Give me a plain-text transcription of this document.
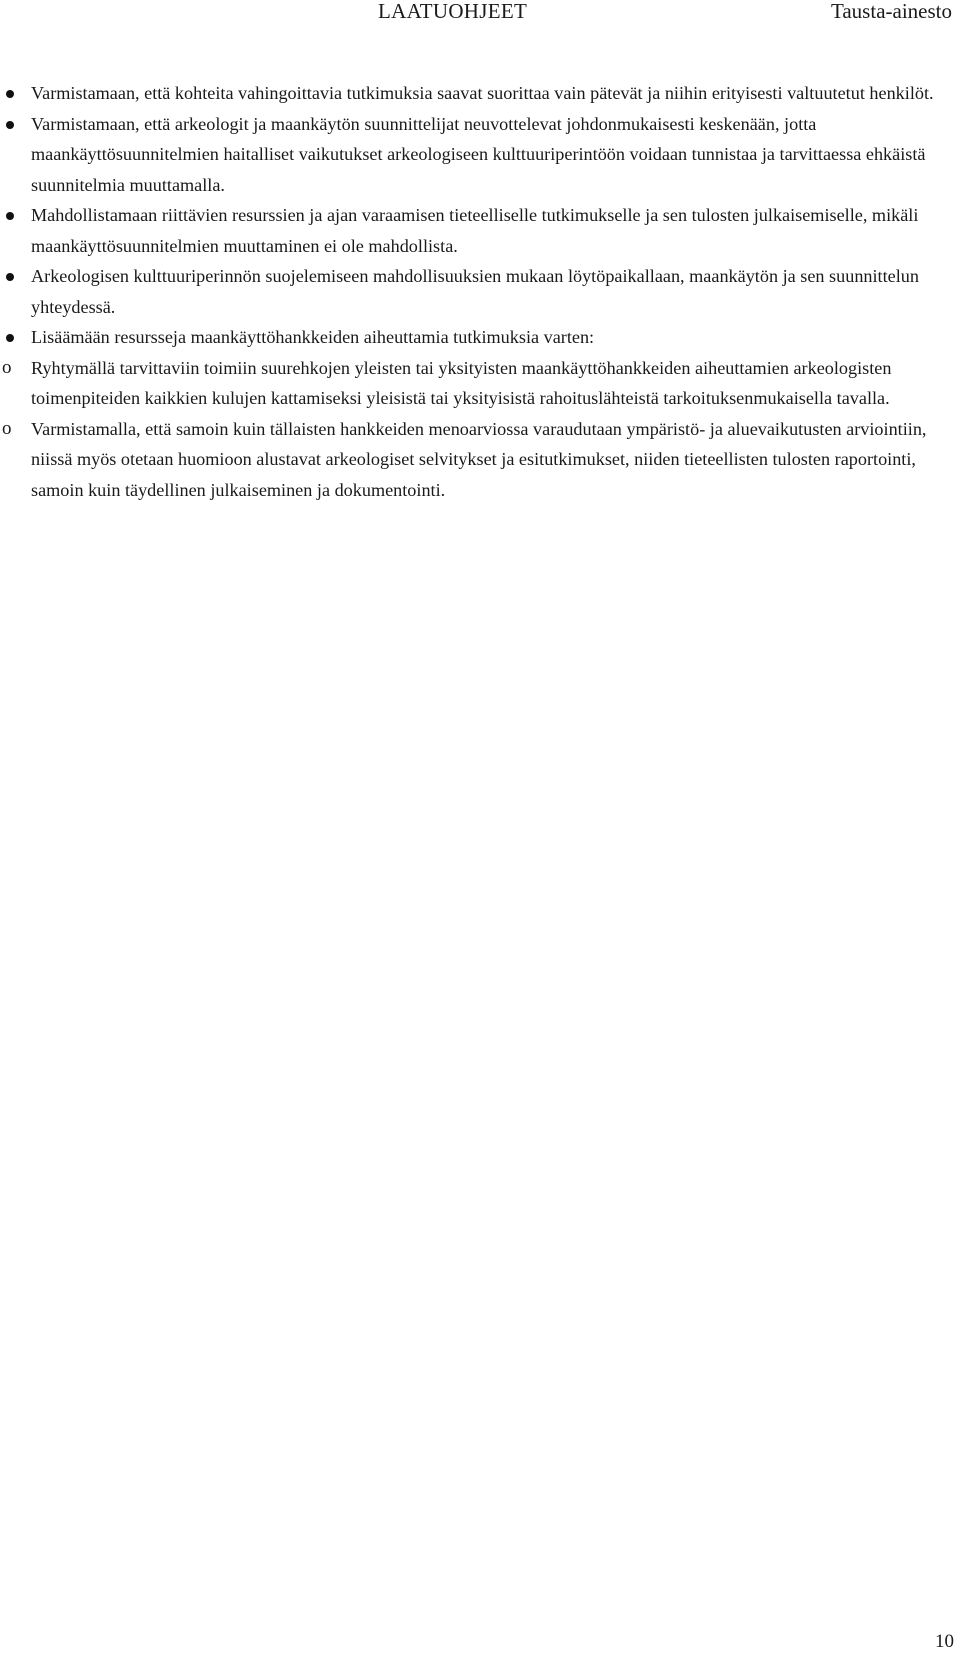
LAATUOHJEET	Tausta-ainesto

Varmistamaan, että kohteita vahingoittavia tutkimuksia saavat suorittaa vain pätevät ja niihin erityisesti valtuutetut henkilöt.

Varmistamaan, että arkeologit ja maankäytön suunnittelijat neuvottelevat johdonmukaisesti keskenään, jotta maankäyttösuunnitelmien haitalliset vaikutukset arkeologiseen kulttuuriperintöön voidaan tunnistaa ja tarvittaessa ehkäistä suunnitelmia muuttamalla.

Mahdollistamaan riittävien resurssien ja ajan varaamisen tieteelliselle tutkimukselle ja sen tulosten julkaisemiselle, mikäli maankäyttösuunnitelmien muuttaminen ei ole mahdollista.

Arkeologisen kulttuuriperinnön suojelemiseen mahdollisuuksien mukaan löytöpaikallaan, maankäytön ja sen suunnittelun yhteydessä.

Lisäämään resursseja maankäyttöhankkeiden aiheuttamia tutkimuksia varten:

o Ryhtymällä tarvittaviin toimiin suurehkojen yleisten tai yksityisten maankäyttöhankkeiden aiheuttamien arkeologisten toimenpiteiden kaikkien kulujen kattamiseksi yleisistä tai yksityisistä rahoituslähteistä tarkoituksenmukaisella tavalla.

o Varmistamalla, että samoin kuin tällaisten hankkeiden menoarviossa varaudutaan ympäristö- ja aluevaikutusten arviointiin, niissä myös otetaan huomioon alustavat arkeologiset selvitykset ja esitutkimukset, niiden tieteellisten tulosten raportointi, samoin kuin täydellinen julkaiseminen ja dokumentointi.

10
